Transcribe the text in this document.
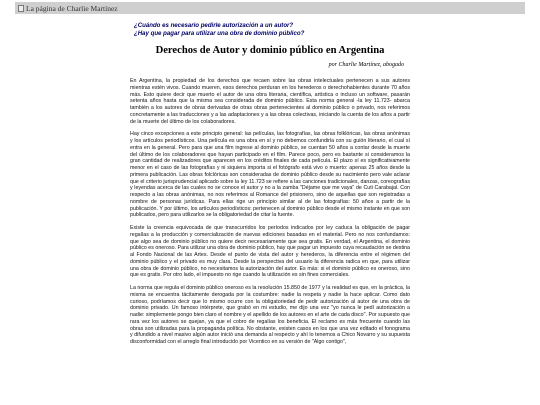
La página de Charlie Martínez
¿Cuándo es necesario pedirle autorización a un autor?
¿Hay que pagar para utilizar una obra de dominio público?
Derechos de Autor y dominio público en Argentina
por Charlie Martínez, abogado

En Argentina, la propiedad de los derechos que recaen sobre las obras intelectuales pertenecen a sus autores mientras estén vivos. Cuando mueren, esos derechos perduran en los herederos o derechohabientes durante 70 años más. Esto quiere decir que muerto el autor de una obra literaria, científica, artística o incluso un software, pasarán setenta años hasta que la misma sea considerada de dominio público. Esta norma general -la ley 11.723- abarca también a los autores de obras derivadas de otras obras pertenecientes al dominio público o privado, nos referimos concretamente a las traducciones y a las adaptaciones y a las obras colectivas, iniciando la cuenta de los años a partir de la muerte del último de los colaboradores.

Hay cinco excepciones a este principio general: las películas, las fotografías, las obras folklóricas, las obras anónimas y los artículos periodísticos. Una película es una obra en sí y no debemos confundirla con su guión literario, el cual sí entra en la general. Pero para que una film ingrese al dominio público, se cuentan 50 años a contar desde la muerte del último de los colaboradores que hayan participado en el film. Parece poco, pero es bastante si consideramos la gran cantidad de realizadores que aparecen en los créditos finales de cada película. El plazo sí es significativamente menor en el caso de las fotografías y ni siquiera importa si el fotógrafo está vivo o muerto: apenas 25 años desde la primera publicación. Las obras folclóricas son consideradas de dominio público desde su nacimiento pero vale aclarar que el criterio jurisprudencial aplicado sobre la ley 11.723 se refiere a las canciones tradicionales, danzas, coreografías y leyendas acerca de las cuales no se conoce el autor y no a la zamba "Déjame que me vaya" de Cuti Carabajal. Con respecto a las obras anónimas, no nos referimos al Romance del prisionero, sino de aquellas que son registradas a nombre de personas jurídicas. Para ellas rige un principio similar al de las fotografías: 50 años a partir de la publicación. Y por último, los artículos periodísticos: pertenecen al dominio público desde el mismo instante en que son publicados, pero para utilizarlos se la obligatoriedad de citar la fuente.

Existe la creencia equivocada de que transcurridos los períodos indicados por ley caduca la obligación de pagar regalías a la producción y comercialización de nuevas ediciones basadas en el material. Pero no nos confundamos: que algo sea de dominio público no quiere decir necesariamente que sea gratis. En verdad, el Argentina, el dominio público es oneroso. Para utilizar una obra de dominio público, hay que pagar un impuesto cuya recaudación se destina al Fondo Nacional de las Artes. Desde el punto de vista del autor y herederos, la diferencia entre el régimen del dominio público y el privado es muy clara. Desde la perspectiva del usuario la diferencia radica en que, para utilizar una obra de dominio público, no necesitamos la autorización del autor. Es más: si el dominio público es oneroso, sino que es gratis. Por otro lado, el impuesto no rige cuando la utilización es sin fines comerciales.

La norma que regula el dominio público oneroso es la resolución 15.850 de 1977 y la realidad es que, en la práctica, la misma se encuentra tácitamente derogada por la costumbre: nadie la respeta y nadie la hace aplicar. Como dato curioso, podríamos decir que lo mismo ocurre con la obligatoriedad de pedir autorización al autor de una obra de dominio privado. Un famoso intérprete, que grabó en mi estudio, me dijo una vez "yo nunca le pedí autorización a nadie: simplemente pongo bien claro el nombre y el apellido de los autores en el arte de cada disco". Por supuesto que rara vez los autores se quejan, ya que el cobro de regalías los beneficia. El reclamo es más frecuente cuando las obras son utilizadas para la propaganda política. No obstante, existen casos en los que una vez editado el fonograma y difundido a nivel masivo algún autor inició una demanda al respecto y ahí lo tenemos a Chico Novarro y su supuesta disconformidad con el arreglo final introducido por Vicentico en su versión de "Algo contigo",
